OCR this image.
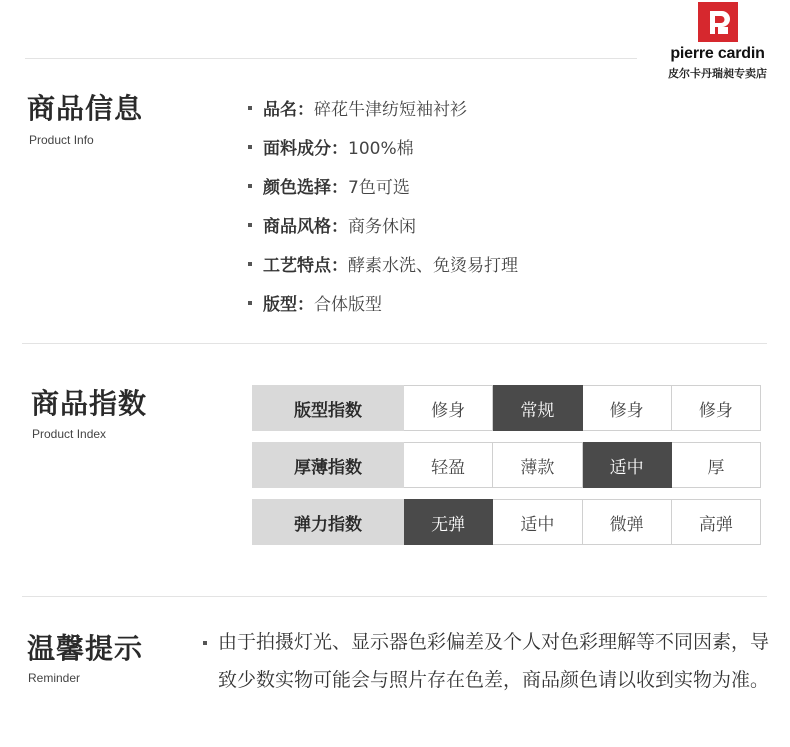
pierre cardin
皮尔卡丹瑞昶专卖店
商品信息
Product Info
品名： 碎花牛津纺短袖衬衫
面料成分： 100%棉
颜色选择： 7色可选
商品风格： 商务休闲
工艺特点： 酵素水洗、免烫易打理
版型： 合体版型
商品指数
Product Index
版型指数	修身	常规	修身	修身
厚薄指数	轻盈	薄款	适中	厚
弹力指数	无弹	适中	微弹	高弹
温馨提示
Reminder
由于拍摄灯光、显示器色彩偏差及个人对色彩理解等不同因素，导致少数实物可能会与照片存在色差，商品颜色请以收到实物为准。
